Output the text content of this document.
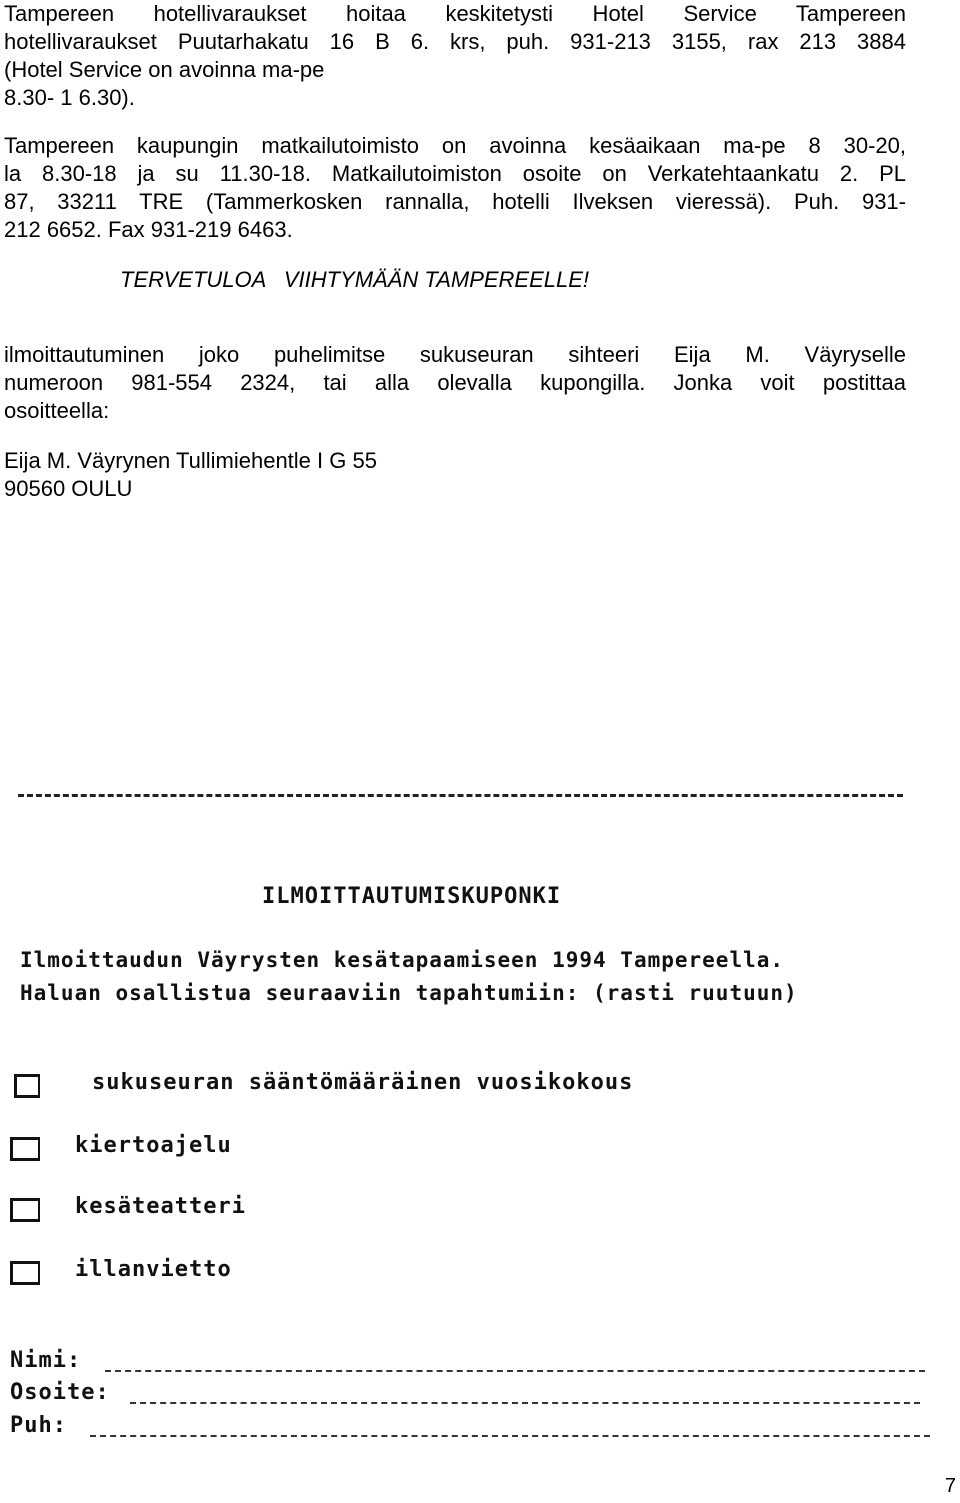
Tampereen hotellivaraukset hoitaa keskitetysti Hotel Service Tampereen
hotellivaraukset Puutarhakatu 16 B 6. krs, puh. 931-213 3155, rax 213 3884
(Hotel Service on avoinna ma-pe
8.30- 1 6.30).
Tampereen kaupungin matkailutoimisto on avoinna kesäaikaan ma-pe 8 30-20,
la 8.30-18 ja su 11.30-18. Matkailutoimiston osoite on Verkatehtaankatu 2. PL
87, 33211 TRE (Tammerkosken rannalla, hotelli Ilveksen vieressä). Puh. 931-
212 6652. Fax 931-219 6463.
TERVETULOA   VIIHTYMÄÄN TAMPEREELLE!
ilmoittautuminen joko puhelimitse sukuseuran sihteeri Eija M. Väyryselle
numeroon 981-554 2324, tai alla olevalla kupongilla. Jonka voit postittaa
osoitteella:
Eija M. Väyrynen Tullimiehentle I G 55
90560 OULU
ILMOITTAUTUMISKUPONKI
Ilmoittaudun Väyrysten kesätapaamiseen 1994 Tampereella.
Haluan osallistua seuraaviin tapahtumiin: (rasti ruutuun)
sukuseuran sääntömääräinen vuosikokous
kiertoajelu
kesäteatteri
illanvietto
Nimi:
Osoite:
Puh:
7
